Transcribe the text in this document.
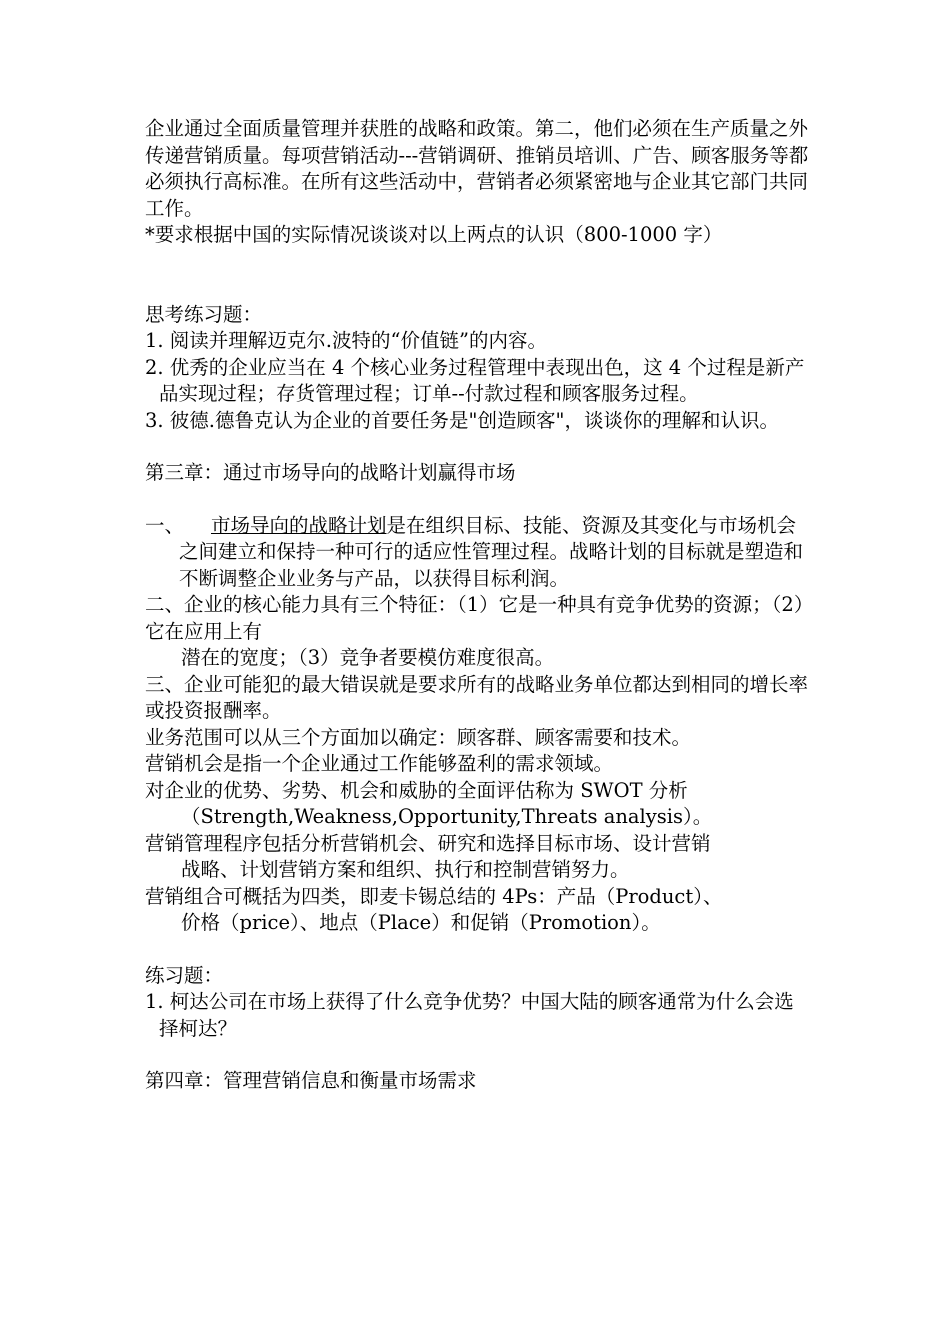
企业通过全面质量管理并获胜的战略和政策。第二，他们必须在生产质量之外传递营销质量。每项营销活动---营销调研、推销员培训、广告、顾客服务等都必须执行高标准。在所有这些活动中，营销者必须紧密地与企业其它部门共同工作。

*要求根据中国的实际情况谈谈对以上两点的认识（800-1000 字）

思考练习题：

1. 阅读并理解迈克尔.波特的“价值链”的内容。

2. 优秀的企业应当在 4 个核心业务过程管理中表现出色，这 4 个过程是新产品实现过程；存货管理过程；订单--付款过程和顾客服务过程。

3. 彼德.德鲁克认为企业的首要任务是"创造顾客"，谈谈你的理解和认识。

第三章：通过市场导向的战略计划赢得市场

一、 市场导向的战略计划是在组织目标、技能、资源及其变化与市场机会之间建立和保持一种可行的适应性管理过程。战略计划的目标就是塑造和不断调整企业业务与产品，以获得目标利润。

二、企业的核心能力具有三个特征：（1）它是一种具有竞争优势的资源；（2）它在应用上有

潜在的宽度；（3）竞争者要模仿难度很高。

三、企业可能犯的最大错误就是要求所有的战略业务单位都达到相同的增长率或投资报酬率。

业务范围可以从三个方面加以确定：顾客群、顾客需要和技术。

营销机会是指一个企业通过工作能够盈利的需求领域。

对企业的优势、劣势、机会和威胁的全面评估称为 SWOT 分析

（Strength,Weakness,Opportunity,Threats analysis）。

营销管理程序包括分析营销机会、研究和选择目标市场、设计营销

战略、计划营销方案和组织、执行和控制营销努力。

营销组合可概括为四类，即麦卡锡总结的 4Ps：产品（Product）、

价格（price）、地点（Place）和促销（Promotion）。

练习题：

1. 柯达公司在市场上获得了什么竞争优势？中国大陆的顾客通常为什么会选择柯达？

第四章：管理营销信息和衡量市场需求
